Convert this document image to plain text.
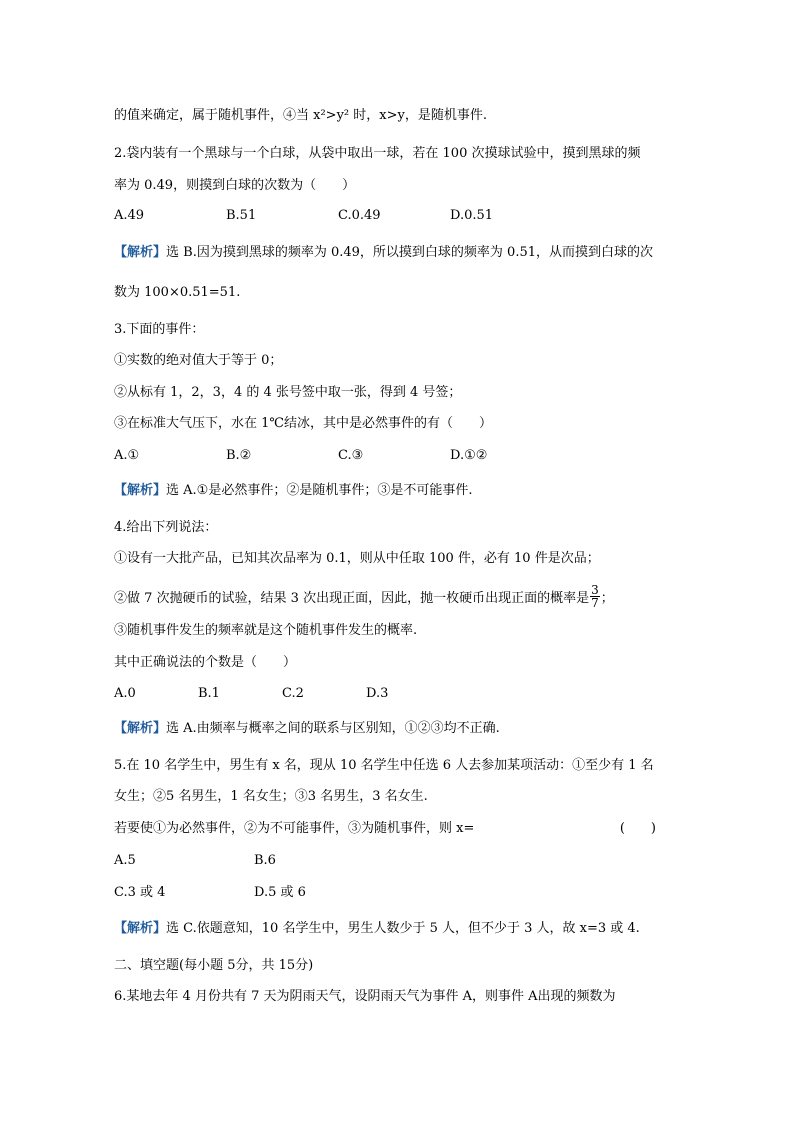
的值来确定，属于随机事件，④当 x²>y² 时，x>y，是随机事件.
2.袋内装有一个黑球与一个白球，从袋中取出一球，若在 100 次摸球试验中，摸到黑球的频
率为 0.49，则摸到白球的次数为（　　）
A.49	B.51	C.0.49	D.0.51
【解析】选 B.因为摸到黑球的频率为 0.49，所以摸到白球的频率为 0.51，从而摸到白球的次
数为 100×0.51=51.
3.下面的事件：
①实数的绝对值大于等于 0；
②从标有 1，2，3，4 的 4 张号签中取一张，得到 4 号签；
③在标准大气压下，水在 1℃结冰，其中是必然事件的有（　　）
A.①	B.②	C.③	D.①②
【解析】选 A.①是必然事件；②是随机事件；③是不可能事件.
4.给出下列说法：
①设有一大批产品，已知其次品率为 0.1，则从中任取 100 件，必有 10 件是次品；
②做 7 次抛硬币的试验，结果 3 次出现正面，因此，抛一枚硬币出现正面的概率是 $\frac{3}{7}$ ；
③随机事件发生的频率就是这个随机事件发生的概率.
其中正确说法的个数是（　　）
A.0	B.1	C.2	D.3
【解析】选 A.由频率与概率之间的联系与区别知，①②③均不正确.
5.在 10 名学生中，男生有 x 名，现从 10 名学生中任选 6 人去参加某项活动：①至少有 1 名
女生；②5 名男生，1 名女生；③3 名男生，3 名女生.
若要使①为必然事件，②为不可能事件，③为随机事件，则 x=	(　　)
A.5	B.6
C.3 或 4	D.5 或 6
【解析】选 C.依题意知，10 名学生中，男生人数少于 5 人，但不少于 3 人，故 x=3 或 4.
二、填空题(每小题 5分，共 15分)
6.某地去年 4 月份共有 7 天为阴雨天气，设阴雨天气为事件 A，则事件 A出现的频数为
